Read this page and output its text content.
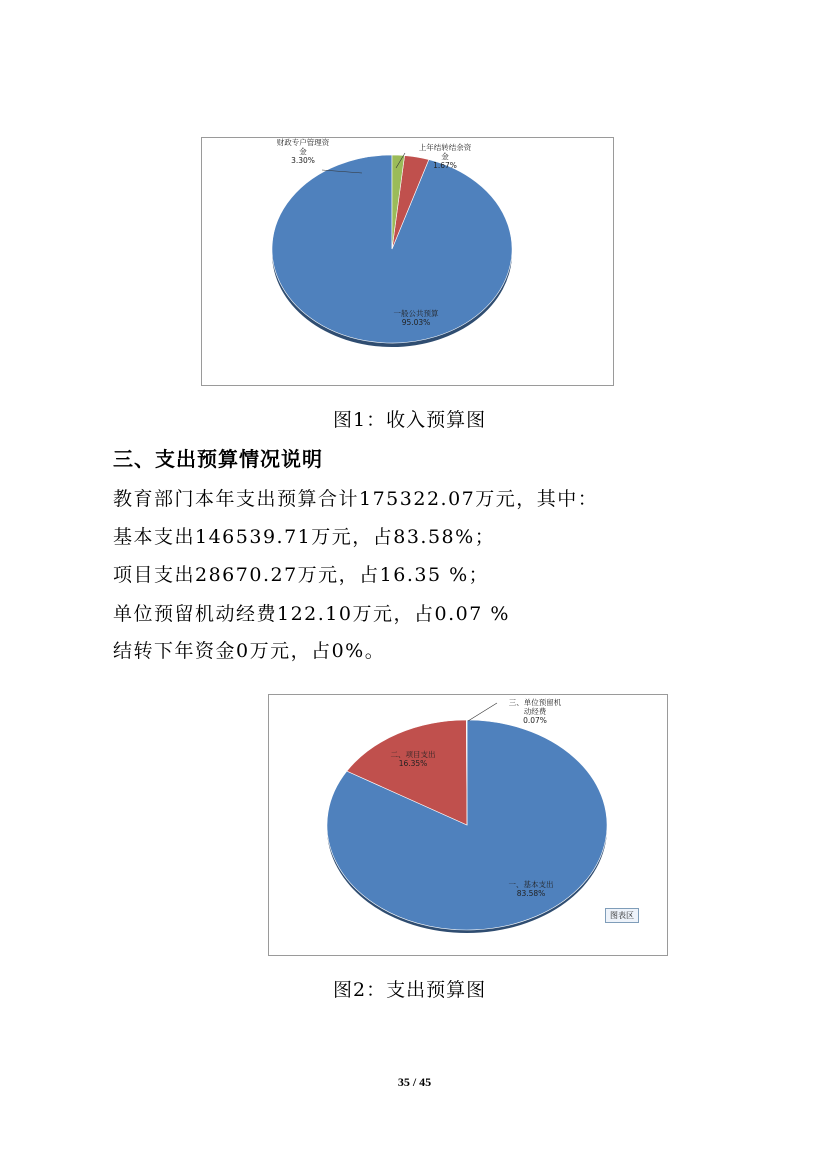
一般公共预算 95.03%
财政专户管理资金 3.30%
上年结转结余资金 1.67%
图1：收入预算图
三、支出预算情况说明
教育部门本年支出预算合计175322.07万元，其中：
基本支出146539.71万元，占83.58%；
项目支出28670.27万元，占16.35 %；
单位预留机动经费122.10万元，占0.07 %
结转下年资金0万元，占0%。
一、基本支出 83.58%
二、项目支出 16.35%
三、单位预留机动经费 0.07%
图表区
图2：支出预算图
35 / 45
